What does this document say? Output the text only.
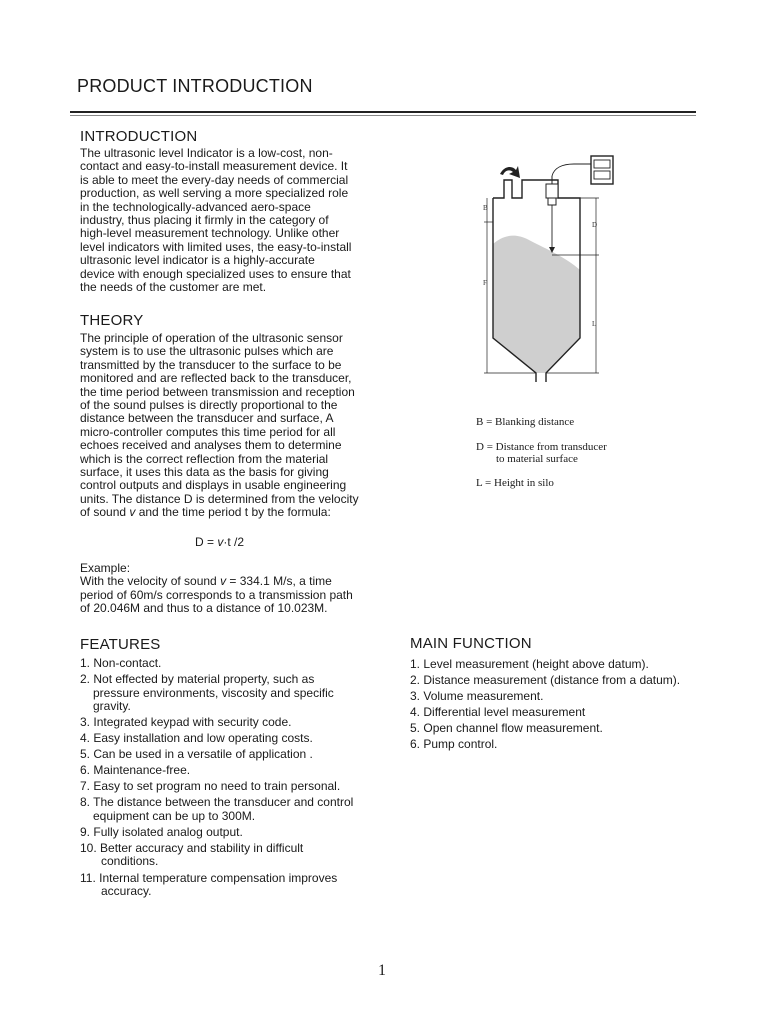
PRODUCT INTRODUCTION
INTRODUCTION
The ultrasonic level Indicator is a low-cost, non-
contact and easy-to-install measurement device. It
is able to meet the every-day needs of commercial
production, as well serving a more specialized role
in the technologically-advanced aero-space
industry, thus placing it firmly in the category of
high-level measurement technology. Unlike other
level indicators with limited uses, the easy-to-install
ultrasonic level indicator is a highly-accurate
device with enough specialized uses to ensure that
the needs of the customer are met.
THEORY
The principle of operation of the ultrasonic sensor
system is to use the ultrasonic pulses which are
transmitted by the transducer to the surface to be
monitored and are reflected back to the transducer,
the time period between transmission and reception
of the sound pulses is directly proportional to the
distance between the transducer and surface, A
micro-controller computes this time period for all
echoes received and analyses them to determine
which is the correct reflection from the material
surface, it uses this data as the basis for giving
control outputs and displays in usable engineering
units. The distance D is determined from the velocity
of sound v and the time period t by the formula:
D = v·t /2
Example:
With the velocity of sound v = 334.1 M/s, a time
period of 60m/s corresponds to a transmission path
of 20.046M and thus to a distance of 10.023M.
FEATURES
1. Non-contact.
2. Not effected by material property, such as
pressure environments, viscosity and specific
gravity.
3. Integrated keypad with security code.
4. Easy installation and low operating costs.
5. Can be used in a versatile of application .
6. Maintenance-free.
7. Easy to set program no need to train personal.
8. The distance between the transducer and control
equipment can be up to 300M.
9. Fully isolated analog output.
10. Better accuracy and stability in difficult
conditions.
11. Internal temperature compensation improves
accuracy.
MAIN FUNCTION
1. Level measurement (height above datum).
2. Distance measurement (distance from a datum).
3. Volume measurement.
4. Differential level measurement
5. Open channel flow measurement.
6. Pump control.
B
D
F
L
B = Blanking distance
D = Distance from transducer
to material surface
L = Height in silo
1
